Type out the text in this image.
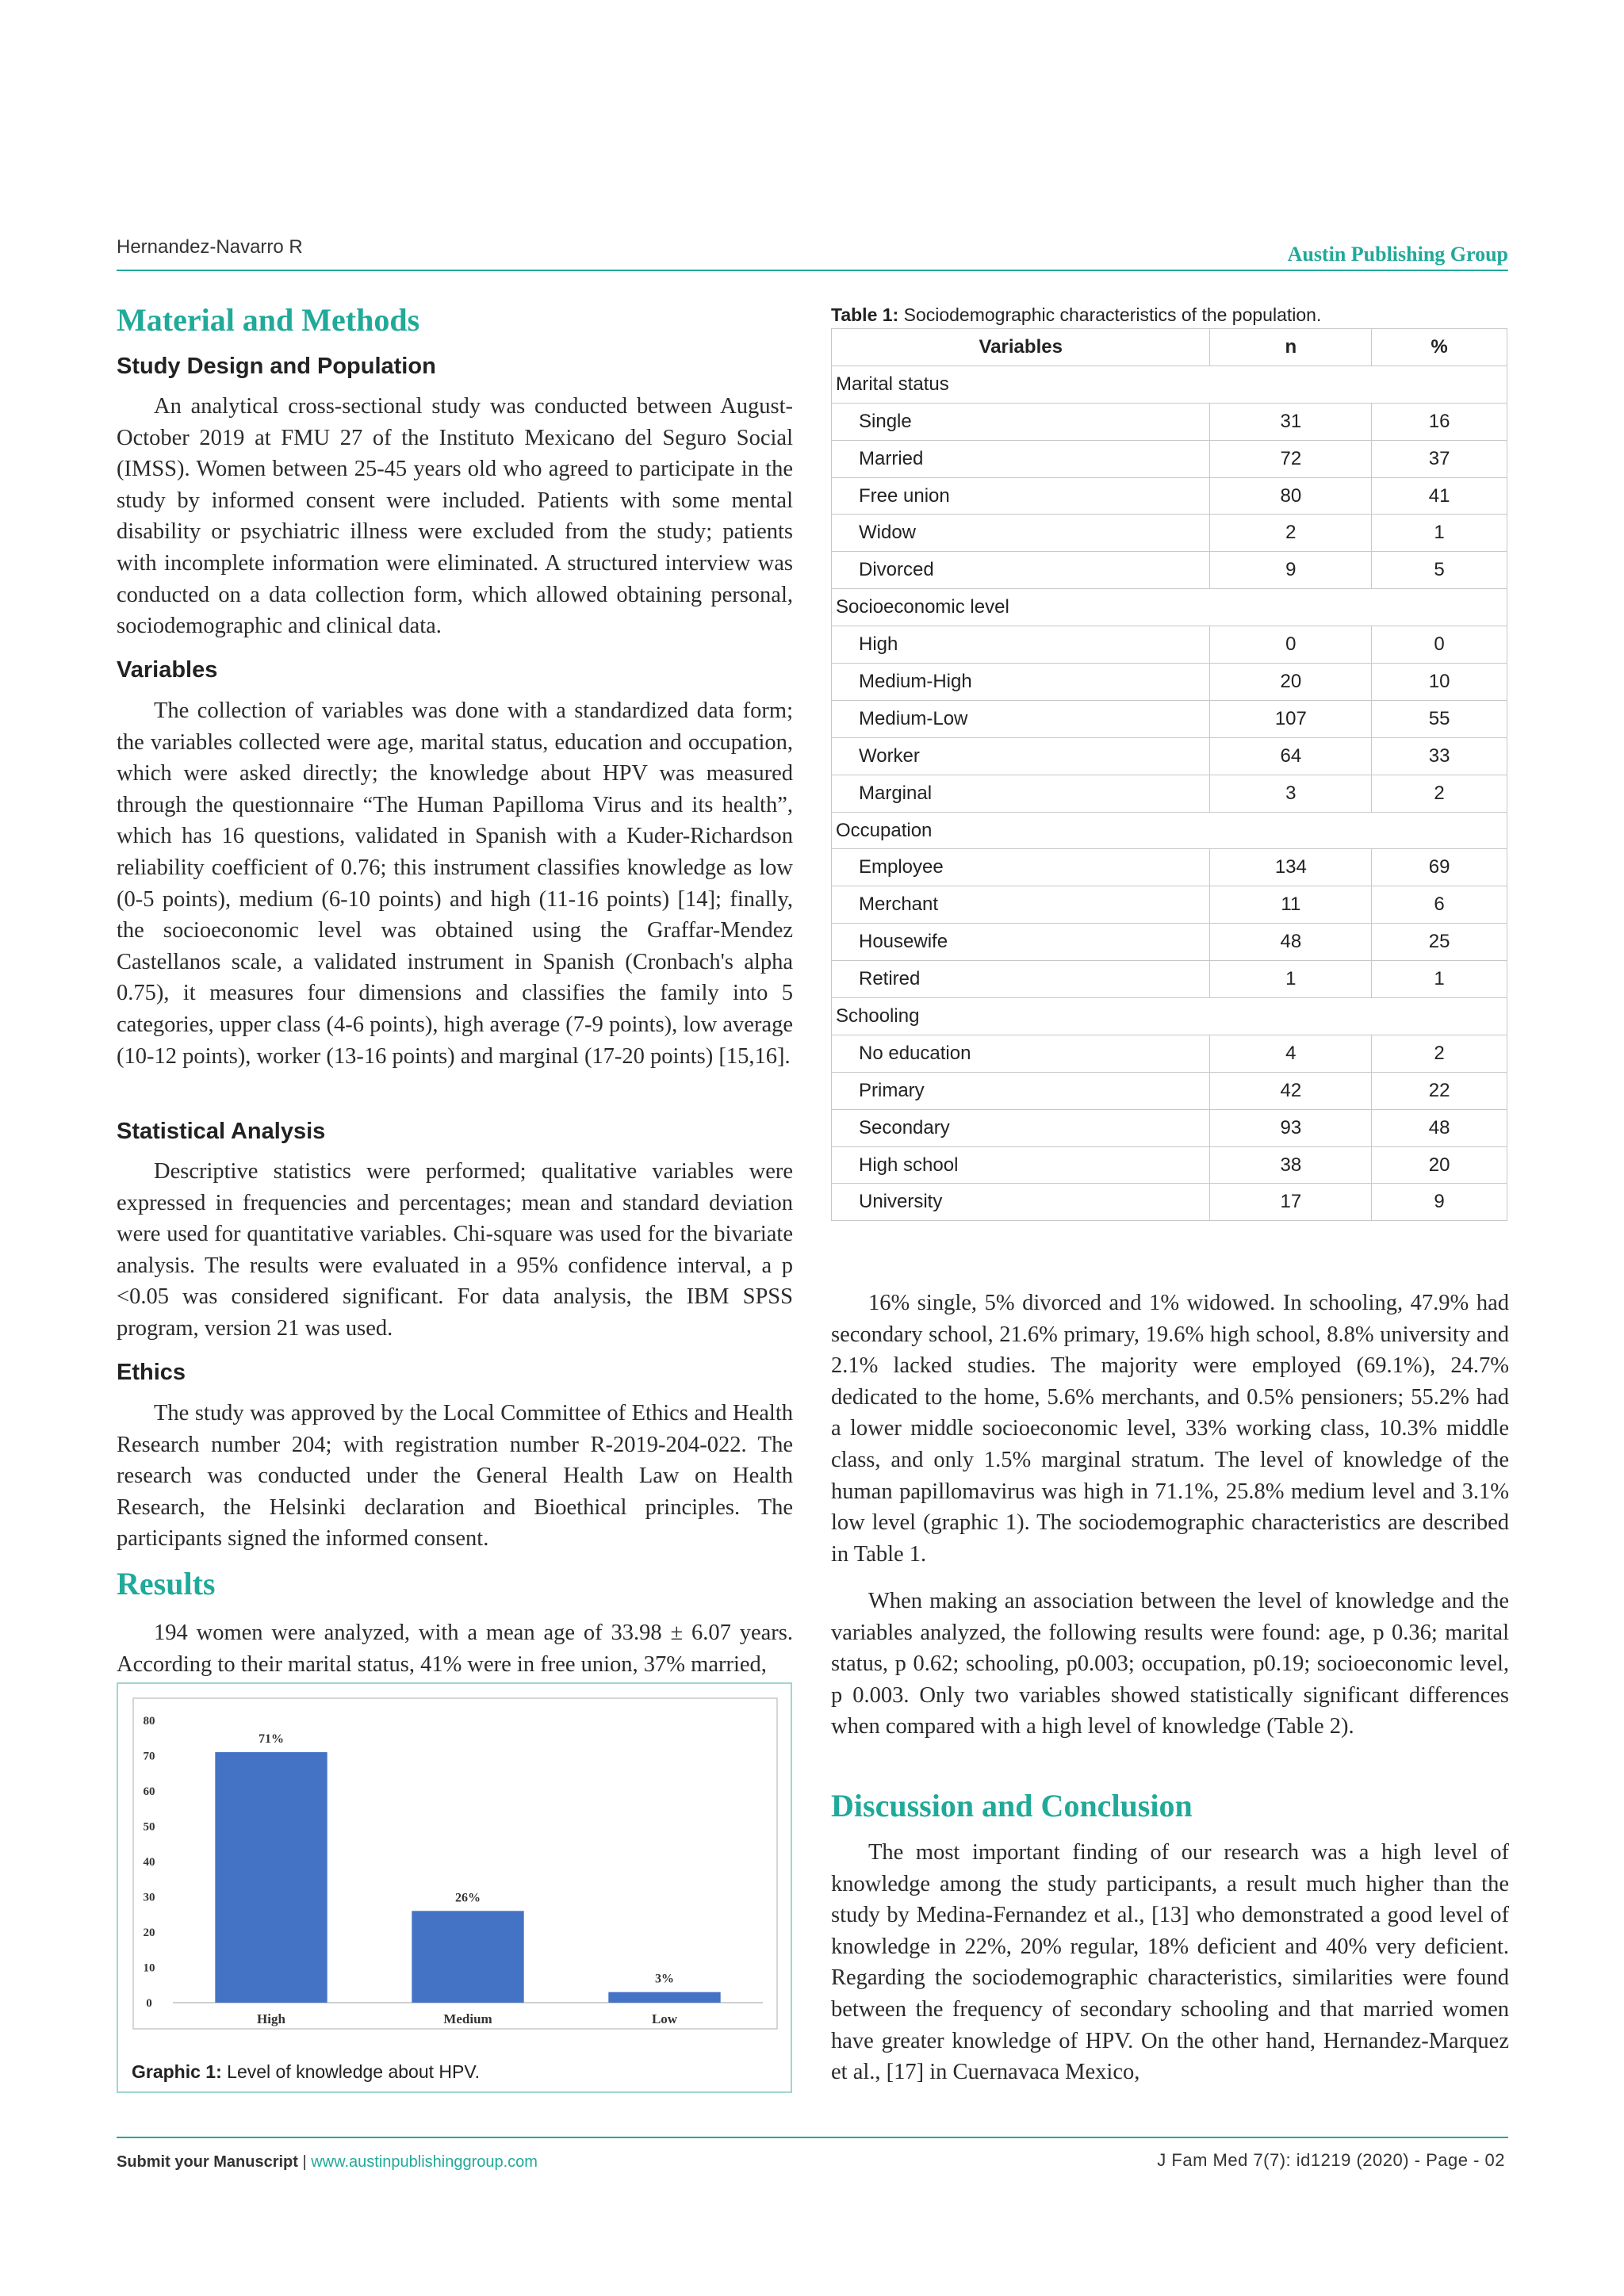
Hernandez-Navarro R	Austin Publishing Group
Material and Methods
Study Design and Population

An analytical cross-sectional study was conducted between August-October 2019 at FMU 27 of the Instituto Mexicano del Seguro Social (IMSS). Women between 25-45 years old who agreed to participate in the study by informed consent were included. Patients with some mental disability or psychiatric illness were excluded from the study; patients with incomplete information were eliminated. A structured interview was conducted on a data collection form, which allowed obtaining personal, sociodemographic and clinical data.

Variables

The collection of variables was done with a standardized data form; the variables collected were age, marital status, education and occupation, which were asked directly; the knowledge about HPV was measured through the questionnaire “The Human Papilloma Virus and its health”, which has 16 questions, validated in Spanish with a Kuder-Richardson reliability coefficient of 0.76; this instrument classifies knowledge as low (0-5 points), medium (6-10 points) and high (11-16 points) [14]; finally, the socioeconomic level was obtained using the Graffar-Mendez Castellanos scale, a validated instrument in Spanish (Cronbach's alpha 0.75), it measures four dimensions and classifies the family into 5 categories, upper class (4-6 points), high average (7-9 points), low average (10-12 points), worker (13-16 points) and marginal (17-20 points) [15,16].

Statistical Analysis

Descriptive statistics were performed; qualitative variables were expressed in frequencies and percentages; mean and standard deviation were used for quantitative variables. Chi-square was used for the bivariate analysis. The results were evaluated in a 95% confidence interval, a p <0.05 was considered significant. For data analysis, the IBM SPSS program, version 21 was used.

Ethics

The study was approved by the Local Committee of Ethics and Health Research number 204; with registration number R-2019-204-022. The research was conducted under the General Health Law on Health Research, the Helsinki declaration and Bioethical principles. The participants signed the informed consent.

Results

194 women were analyzed, with a mean age of 33.98 ± 6.07 years. According to their marital status, 41% were in free union, 37% married,

0
10
20
30
40
50
60
70
80
71%
High
26%
Medium
3%
Low
Graphic 1: Level of knowledge about HPV.
Table 1: Sociodemographic characteristics of the population.
Variables	n	%
Marital status		
Single	31	16
Married	72	37
Free union	80	41
Widow	2	1
Divorced	9	5
Socioeconomic level		
High	0	0
Medium-High	20	10
Medium-Low	107	55
Worker	64	33
Marginal	3	2
Occupation		
Employee	134	69
Merchant	11	6
Housewife	48	25
Retired	1	1
Schooling		
No education	4	2
Primary	42	22
Secondary	93	48
High school	38	20
University	17	9

16% single, 5% divorced and 1% widowed. In schooling, 47.9% had secondary school, 21.6% primary, 19.6% high school, 8.8% university and 2.1% lacked studies. The majority were employed (69.1%), 24.7% dedicated to the home, 5.6% merchants, and 0.5% pensioners; 55.2% had a lower middle socioeconomic level, 33% working class, 10.3% middle class, and only 1.5% marginal stratum. The level of knowledge of the human papillomavirus was high in 71.1%, 25.8% medium level and 3.1% low level (graphic 1). The sociodemographic characteristics are described in Table 1.

When making an association between the level of knowledge and the variables analyzed, the following results were found: age, p 0.36; marital status, p 0.62; schooling, p0.003; occupation, p0.19; socioeconomic level, p 0.003. Only two variables showed statistically significant differences when compared with a high level of knowledge (Table 2).

Discussion and Conclusion

The most important finding of our research was a high level of knowledge among the study participants, a result much higher than the study by Medina-Fernandez et al., [13] who demonstrated a good level of knowledge in 22%, 20% regular, 18% deficient and 40% very deficient. Regarding the sociodemographic characteristics, similarities were found between the frequency of secondary schooling and that married women have greater knowledge of HPV. On the other hand, Hernandez-Marquez et al., [17] in Cuernavaca Mexico,

Submit your Manuscript | www.austinpublishinggroup.com	J Fam Med 7(7): id1219 (2020) - Page - 02
